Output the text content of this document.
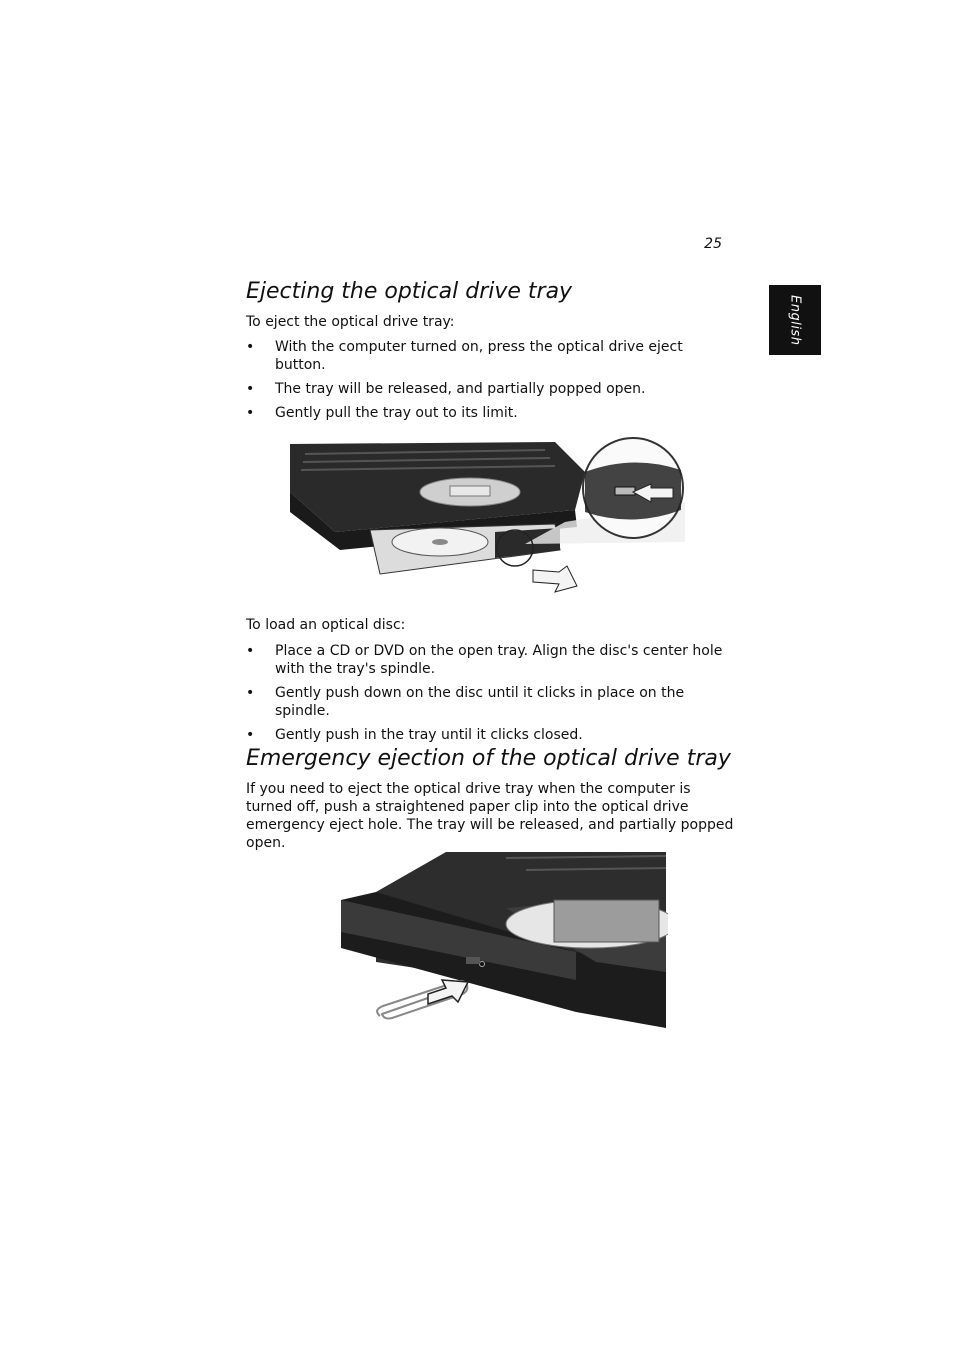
25
English
Ejecting the optical drive tray

To eject the optical drive tray:

• With the computer turned on, press the optical drive eject button.
• The tray will be released, and partially popped open.
• Gently pull the tray out to its limit.

To load an optical disc:

• Place a CD or DVD on the open tray. Align the disc's center hole with the tray's spindle.
• Gently push down on the disc until it clicks in place on the spindle.
• Gently push in the tray until it clicks closed.
Emergency ejection of the optical drive tray

If you need to eject the optical drive tray when the computer is turned off, push a straightened paper clip into the optical drive emergency eject hole. The tray will be released, and partially popped open.
